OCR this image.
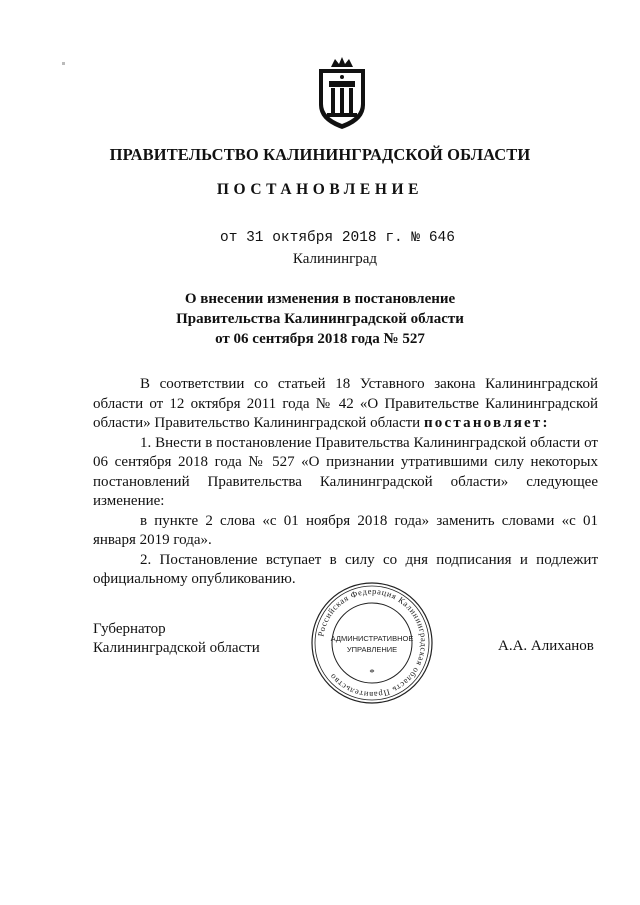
ПРАВИТЕЛЬСТВО КАЛИНИНГРАДСКОЙ ОБЛАСТИ
ПОСТАНОВЛЕНИЕ
от 31 октября 2018 г. № 646
Калининград
О внесении изменения в постановление
Правительства Калининградской области
от 06 сентября 2018 года № 527

В соответствии со статьей 18 Уставного закона Калининградской области от 12 октября 2011 года № 42 «О Правительстве Калининградской области» Правительство Калининградской области постановляет:

1. Внести в постановление Правительства Калининградской области от 06 сентября 2018 года № 527 «О признании утратившими силу некоторых постановлений Правительства Калининградской области» следующее изменение:

в пункте 2 слова «с 01 ноября 2018 года» заменить словами «с 01 января 2019 года».

2. Постановление вступает в силу со дня подписания и подлежит официальному опубликованию.

Губернатор
Калининградской области	А.А. Алиханов
Российская Федерация Калининградская область Правительство
АДМИНИСТРАТИВНОЕ
УПРАВЛЕНИЕ
*
